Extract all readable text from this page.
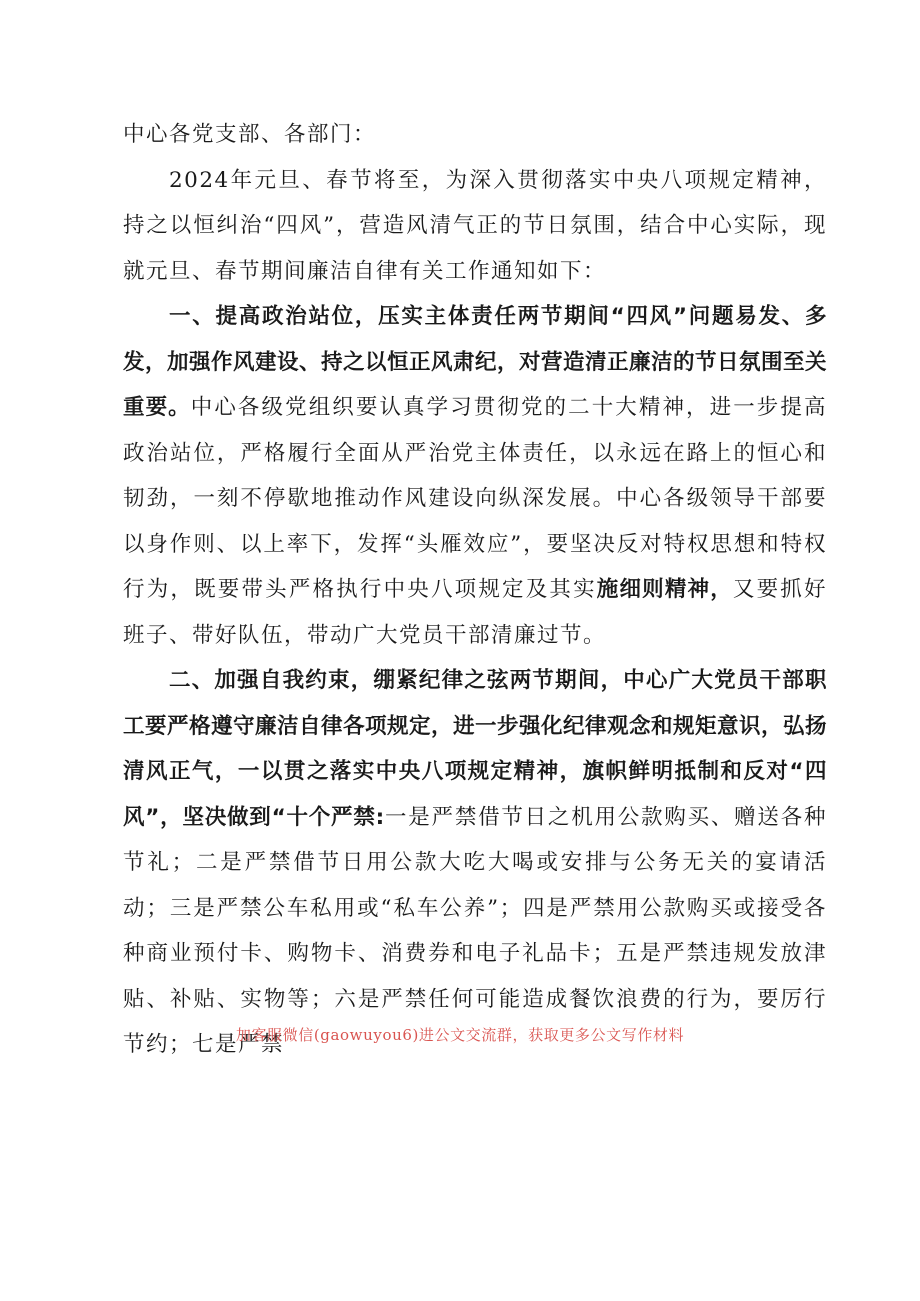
中心各党支部、各部门：

2024年元旦、春节将至，为深入贯彻落实中央八项规定精神，持之以恒纠治“四风”，营造风清气正的节日氛围，结合中心实际，现就元旦、春节期间廉洁自律有关工作通知如下：

一、提高政治站位，压实主体责任两节期间“四风”问题易发、多发，加强作风建设、持之以恒正风肃纪，对营造清正廉洁的节日氛围至关重要。中心各级党组织要认真学习贯彻党的二十大精神，进一步提高政治站位，严格履行全面从严治党主体责任，以永远在路上的恒心和韧劲，一刻不停歇地推动作风建设向纵深发展。中心各级领导干部要以身作则、以上率下，发挥“头雁效应”，要坚决反对特权思想和特权行为，既要带头严格执行中央八项规定及其实施细则精神，又要抓好班子、带好队伍，带动广大党员干部清廉过节。

二、加强自我约束，绷紧纪律之弦两节期间，中心广大党员干部职工要严格遵守廉洁自律各项规定，进一步强化纪律观念和规矩意识，弘扬清风正气，一以贯之落实中央八项规定精神，旗帜鲜明抵制和反对“四风”，坚决做到“十个严禁:一是严禁借节日之机用公款购买、赠送各种节礼；二是严禁借节日用公款大吃大喝或安排与公务无关的宴请活动；三是严禁公车私用或“私车公养”；四是严禁用公款购买或接受各种商业预付卡、购物卡、消费券和电子礼品卡；五是严禁违规发放津贴、补贴、实物等；六是严禁任何可能造成餐饮浪费的行为，要厉行节约；七是严禁

加客服微信(gaowuyou6)进公文交流群，获取更多公文写作材料
